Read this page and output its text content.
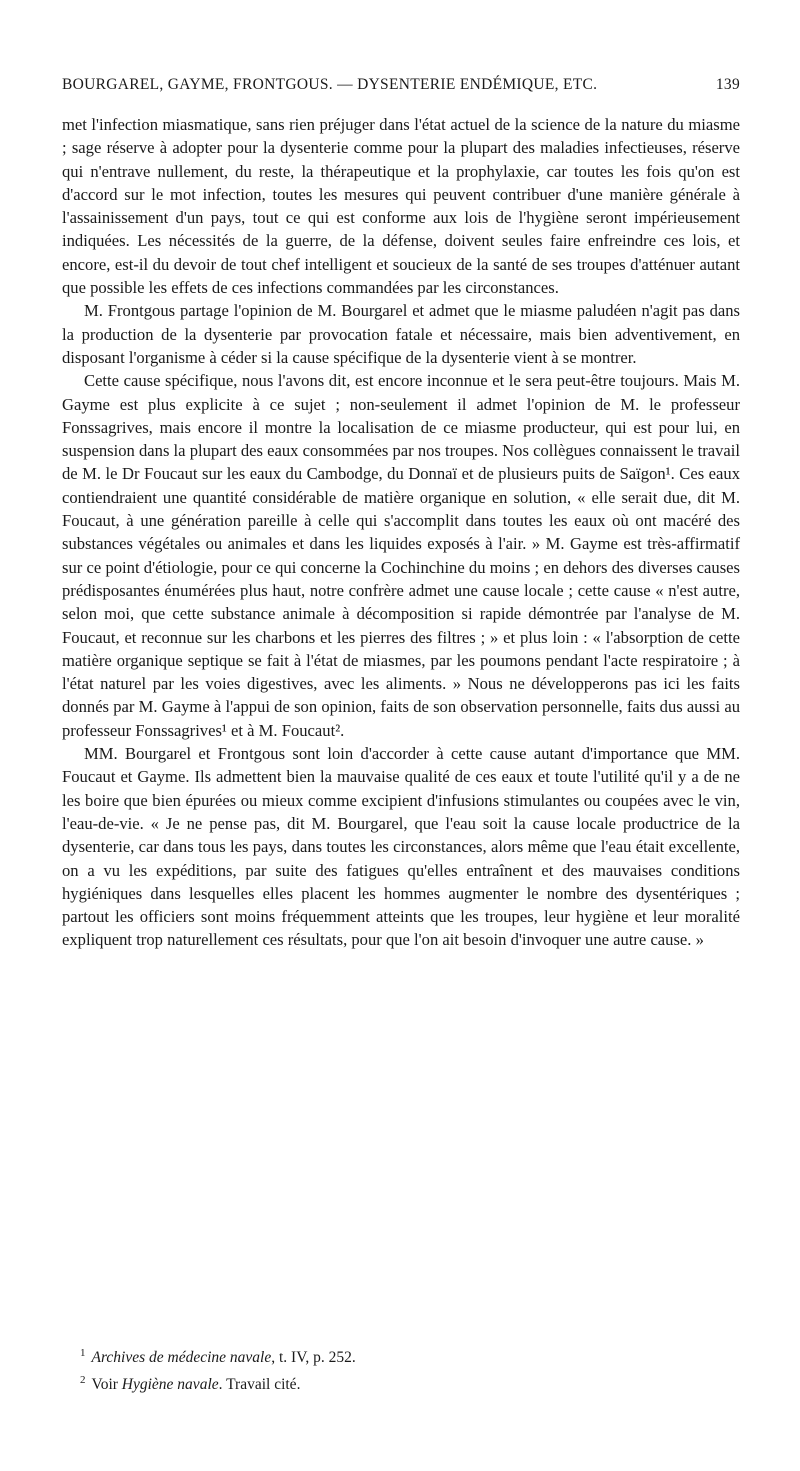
BOURGAREL, GAYME, FRONTGOUS. — DYSENTERIE ENDÉMIQUE, ETC.	139

met l'infection miasmatique, sans rien préjuger dans l'état actuel de la science de la nature du miasme ; sage réserve à adopter pour la dysenterie comme pour la plupart des maladies infectieuses, réserve qui n'entrave nullement, du reste, la thérapeutique et la prophylaxie, car toutes les fois qu'on est d'accord sur le mot infection, toutes les mesures qui peuvent contribuer d'une manière générale à l'assainissement d'un pays, tout ce qui est conforme aux lois de l'hygiène seront impérieusement indiquées. Les nécessités de la guerre, de la défense, doivent seules faire enfreindre ces lois, et encore, est-il du devoir de tout chef intelligent et soucieux de la santé de ses troupes d'atténuer autant que possible les effets de ces infections commandées par les circonstances.

M. Frontgous partage l'opinion de M. Bourgarel et admet que le miasme paludéen n'agit pas dans la production de la dysenterie par provocation fatale et nécessaire, mais bien adventivement, en disposant l'organisme à céder si la cause spécifique de la dysenterie vient à se montrer.

Cette cause spécifique, nous l'avons dit, est encore inconnue et le sera peut-être toujours. Mais M. Gayme est plus explicite à ce sujet ; non-seulement il admet l'opinion de M. le professeur Fonssagrives, mais encore il montre la localisation de ce miasme producteur, qui est pour lui, en suspension dans la plupart des eaux consommées par nos troupes. Nos collègues connaissent le travail de M. le Dr Foucaut sur les eaux du Cambodge, du Donnaï et de plusieurs puits de Saïgon¹. Ces eaux contiendraient une quantité considérable de matière organique en solution, « elle serait due, dit M. Foucaut, à une génération pareille à celle qui s'accomplit dans toutes les eaux où ont macéré des substances végétales ou animales et dans les liquides exposés à l'air. » M. Gayme est très-affirmatif sur ce point d'étiologie, pour ce qui concerne la Cochinchine du moins ; en dehors des diverses causes prédisposantes énumérées plus haut, notre confrère admet une cause locale ; cette cause « n'est autre, selon moi, que cette substance animale à décomposition si rapide démontrée par l'analyse de M. Foucaut, et reconnue sur les charbons et les pierres des filtres ; » et plus loin : « l'absorption de cette matière organique septique se fait à l'état de miasmes, par les poumons pendant l'acte respiratoire ; à l'état naturel par les voies digestives, avec les aliments. » Nous ne développerons pas ici les faits donnés par M. Gayme à l'appui de son opinion, faits de son observation personnelle, faits dus aussi au professeur Fonssagrives¹ et à M. Foucaut².

MM. Bourgarel et Frontgous sont loin d'accorder à cette cause autant d'importance que MM. Foucaut et Gayme. Ils admettent bien la mauvaise qualité de ces eaux et toute l'utilité qu'il y a de ne les boire que bien épurées ou mieux comme excipient d'infusions stimulantes ou coupées avec le vin, l'eau-de-vie. « Je ne pense pas, dit M. Bourgarel, que l'eau soit la cause locale productrice de la dysenterie, car dans tous les pays, dans toutes les circonstances, alors même que l'eau était excellente, on a vu les expéditions, par suite des fatigues qu'elles entraînent et des mauvaises conditions hygiéniques dans lesquelles elles placent les hommes augmenter le nombre des dysentériques ; partout les officiers sont moins fréquemment atteints que les troupes, leur hygiène et leur moralité expliquent trop naturellement ces résultats, pour que l'on ait besoin d'invoquer une autre cause. »

$^1$ Archives de médecine navale, t. IV, p. 252.

$^2$ Voir Hygiène navale. Travail cité.
